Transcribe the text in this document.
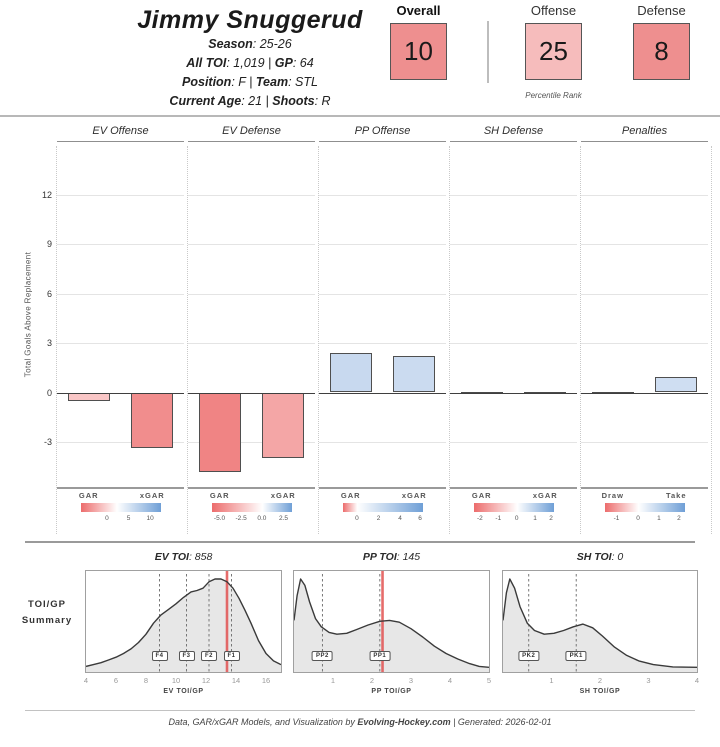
Jimmy Snuggerud
Season: 25-26
All TOI: 1,019 | GP: 64
Position: F | Team: STL
Current Age: 21 | Shoots: R
Overall
10
Offense
25
Defense
8
Percentile Rank
Total Goals Above Replacement
12
9
6
3
0
-3
EV Offense
GAR	xGAR
0	5 10
EV Defense
GAR	xGAR
-5.0 -2.5 0.0 2.5
PP Offense
GAR	xGAR
0	2	4	6
SH Defense
GAR	xGAR
-2 -1 0 1 2
Penalties
Draw	Take
-1	0	1	2
TOI/GP
Summary
EV TOI: 858
F4	F3	F2	F1
4	6	8	10	12	14	16
EV TOI/GP
PP TOI: 145
PP2	PP1
1	2	3	4	5
PP TOI/GP
SH TOI: 0
PK2	PK1
1	2	3	4
SH TOI/GP
Data, GAR/xGAR Models, and Visualization by Evolving-Hockey.com | Generated: 2026-02-01
